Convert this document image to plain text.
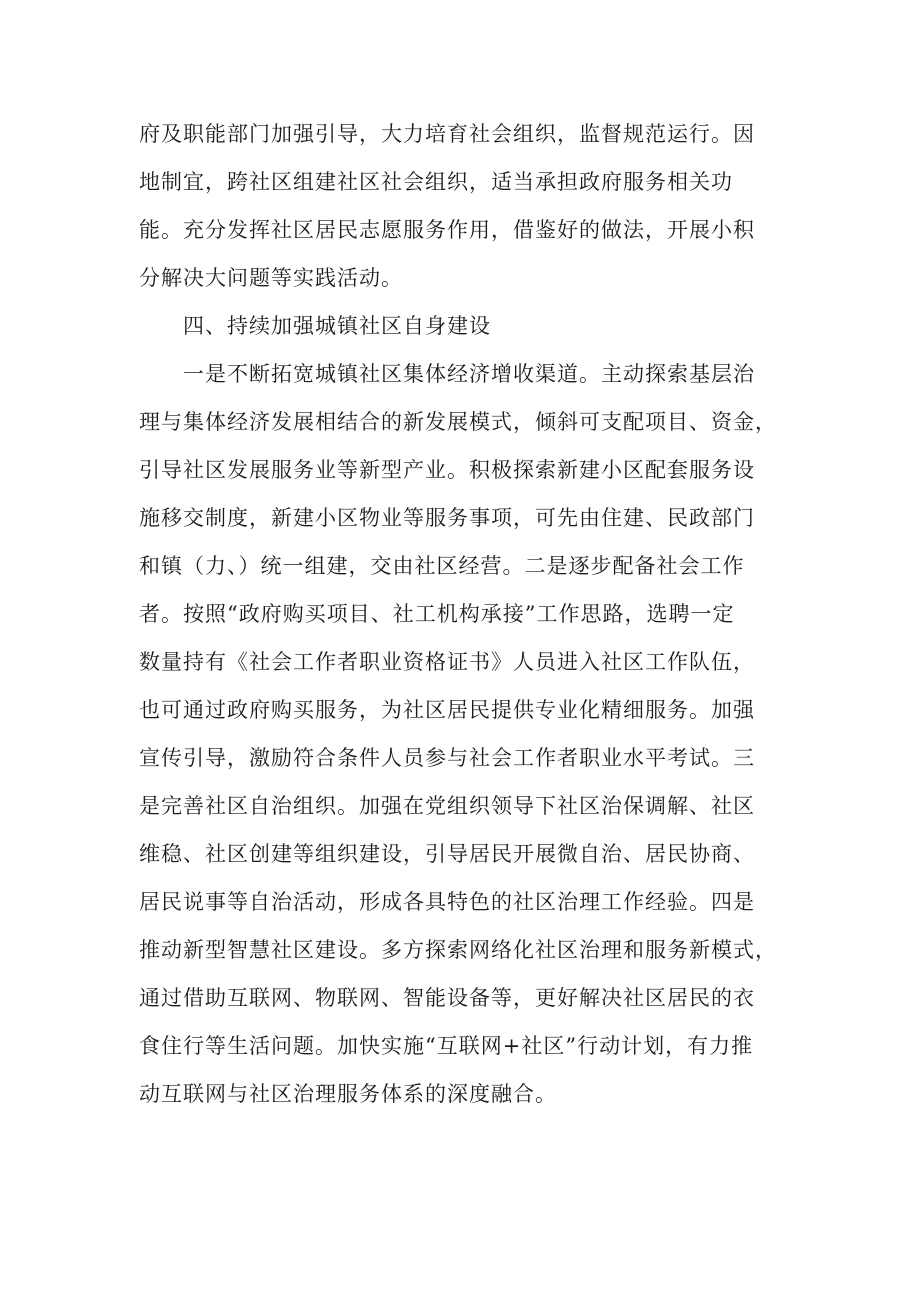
府及职能部门加强引导，大力培育社会组织，监督规范运行。因
地制宜，跨社区组建社区社会组织，适当承担政府服务相关功
能。充分发挥社区居民志愿服务作用，借鉴好的做法，开展小积
分解决大问题等实践活动。
四、持续加强城镇社区自身建设
一是不断拓宽城镇社区集体经济增收渠道。主动探索基层治
理与集体经济发展相结合的新发展模式，倾斜可支配项目、资金，
引导社区发展服务业等新型产业。积极探索新建小区配套服务设
施移交制度，新建小区物业等服务事项，可先由住建、民政部门
和镇（力、）统一组建，交由社区经营。二是逐步配备社会工作
者。按照“政府购买项目、社工机构承接”工作思路，选聘一定
数量持有《社会工作者职业资格证书》人员进入社区工作队伍，
也可通过政府购买服务，为社区居民提供专业化精细服务。加强
宣传引导，激励符合条件人员参与社会工作者职业水平考试。三
是完善社区自治组织。加强在党组织领导下社区治保调解、社区
维稳、社区创建等组织建设，引导居民开展微自治、居民协商、
居民说事等自治活动，形成各具特色的社区治理工作经验。四是
推动新型智慧社区建设。多方探索网络化社区治理和服务新模式，
通过借助互联网、物联网、智能设备等，更好解决社区居民的衣
食住行等生活问题。加快实施“互联网+社区”行动计划，有力推
动互联网与社区治理服务体系的深度融合。
